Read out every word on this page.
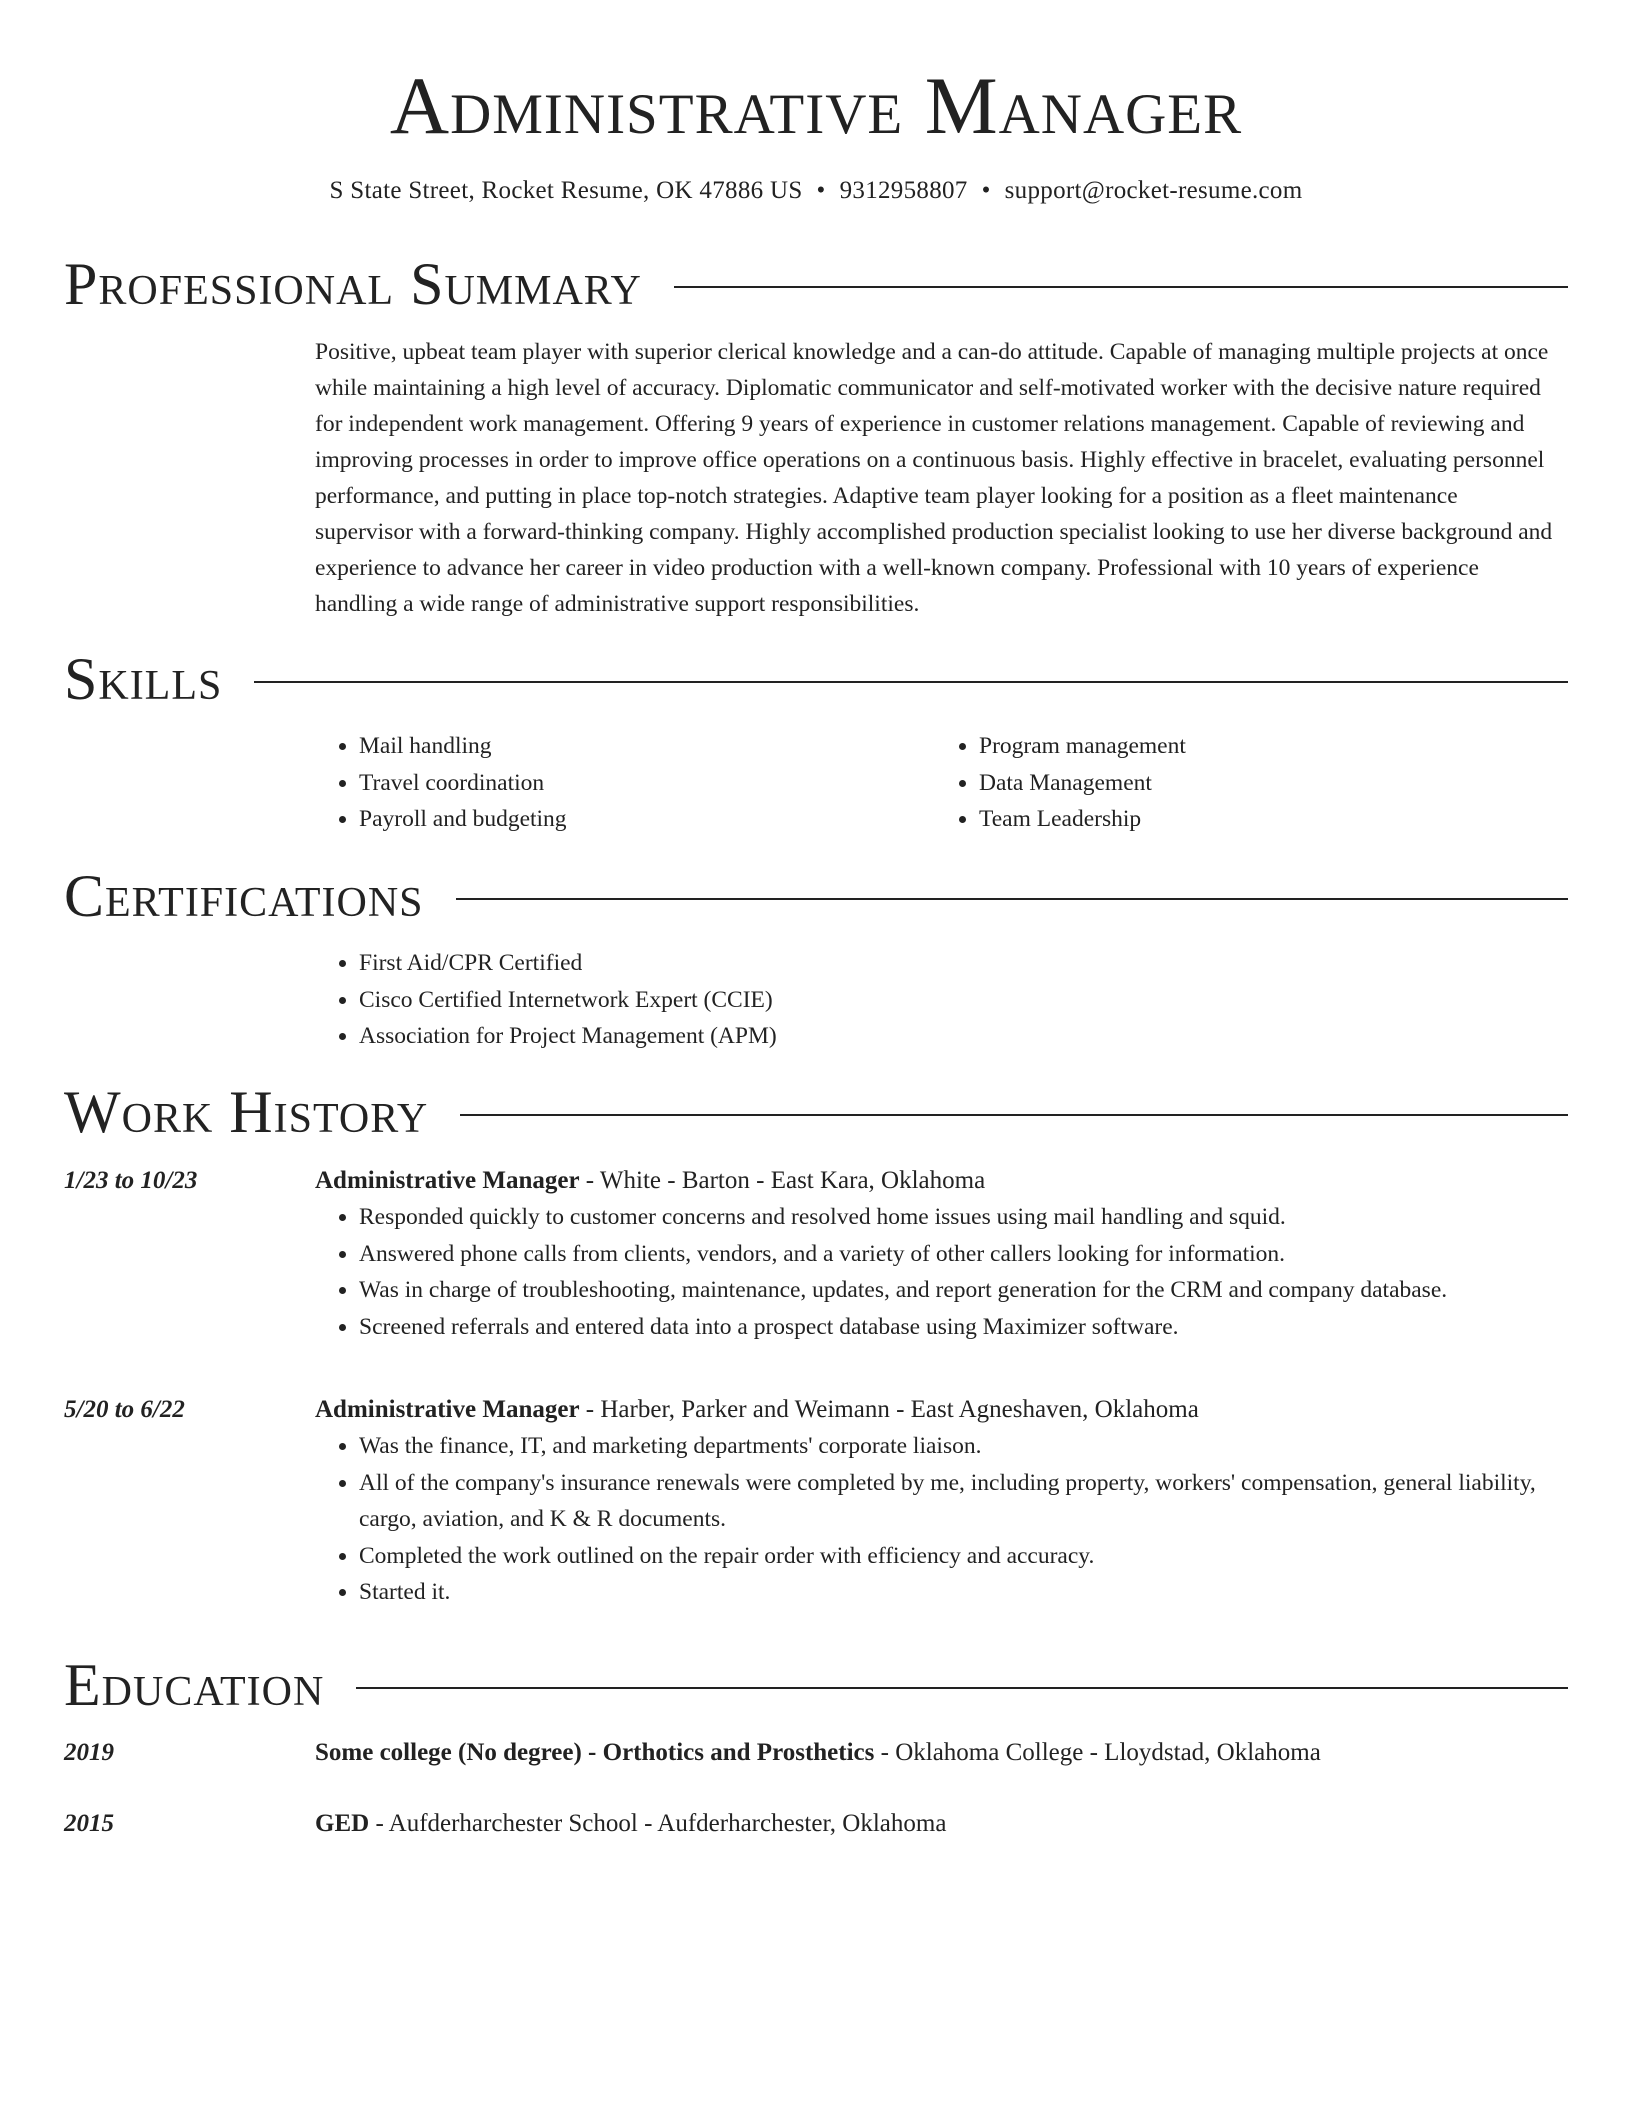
Administrative Manager
S State Street, Rocket Resume, OK 47886 US • 9312958807 • support@rocket-resume.com
Professional Summary

Positive, upbeat team player with superior clerical knowledge and a can-do attitude. Capable of managing multiple projects at once while maintaining a high level of accuracy. Diplomatic communicator and self-motivated worker with the decisive nature required for independent work management. Offering 9 years of experience in customer relations management. Capable of reviewing and improving processes in order to improve office operations on a continuous basis. Highly effective in bracelet, evaluating personnel performance, and putting in place top-notch strategies. Adaptive team player looking for a position as a fleet maintenance supervisor with a forward-thinking company. Highly accomplished production specialist looking to use her diverse background and experience to advance her career in video production with a well-known company. Professional with 10 years of experience handling a wide range of administrative support responsibilities.

Skills
• Mail handling
• Travel coordination
• Payroll and budgeting
• Program management
• Data Management
• Team Leadership
Certifications
• First Aid/CPR Certified
• Cisco Certified Internetwork Expert (CCIE)
• Association for Project Management (APM)
Work History
1/23 to 10/23	Administrative Manager - White - Barton - East Kara, Oklahoma
• Responded quickly to customer concerns and resolved home issues using mail handling and squid.
• Answered phone calls from clients, vendors, and a variety of other callers looking for information.
• Was in charge of troubleshooting, maintenance, updates, and report generation for the CRM and company database.
• Screened referrals and entered data into a prospect database using Maximizer software.
5/20 to 6/22	Administrative Manager - Harber, Parker and Weimann - East Agneshaven, Oklahoma
• Was the finance, IT, and marketing departments' corporate liaison.
• All of the company's insurance renewals were completed by me, including property, workers' compensation, general liability, cargo, aviation, and K & R documents.
• Completed the work outlined on the repair order with efficiency and accuracy.
• Started it.
Education
2019	Some college (No degree) - Orthotics and Prosthetics - Oklahoma College - Lloydstad, Oklahoma
2015	GED - Aufderharchester School - Aufderharchester, Oklahoma
